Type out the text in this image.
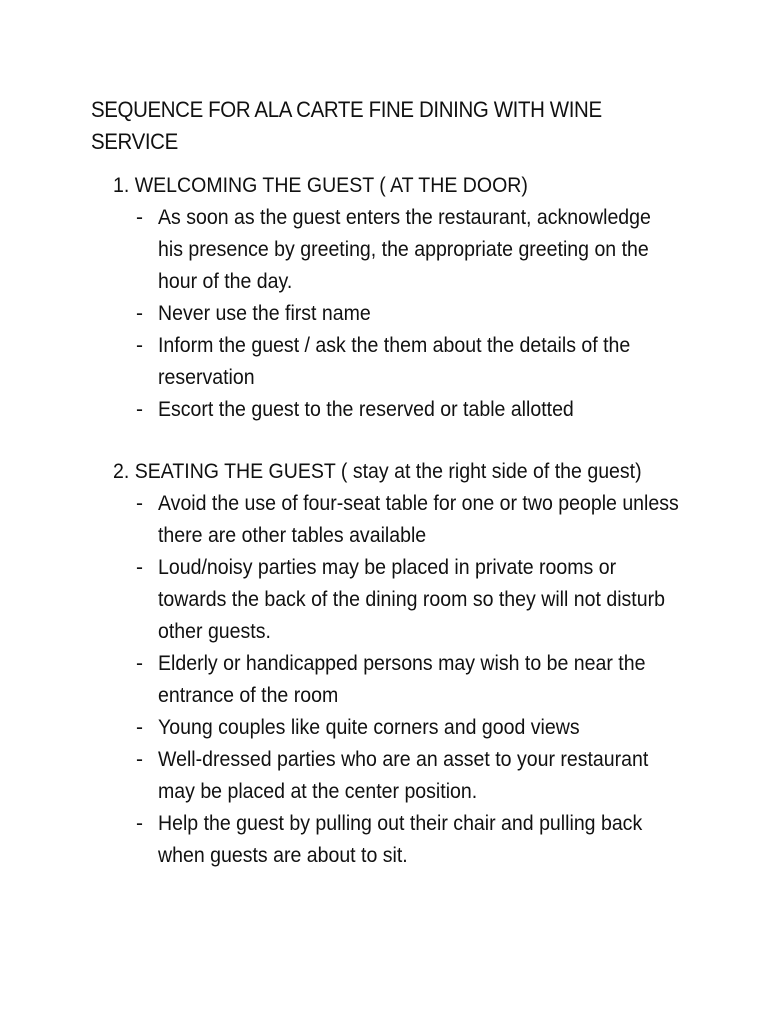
SEQUENCE FOR ALA CARTE FINE DINING WITH WINE SERVICE
1. WELCOMING THE GUEST ( AT THE DOOR)
- As soon as the guest enters the restaurant, acknowledge his presence by greeting, the appropriate greeting on the hour of the day.
- Never use the first name
- Inform the guest / ask the them about the details of the reservation
- Escort the guest to the reserved or table allotted
2. SEATING THE GUEST ( stay at the right side of the guest)
- Avoid the use of four-seat table for one or two people unless there are other tables available
- Loud/noisy parties may be placed in private rooms or towards the back of the dining room so they will not disturb other guests.
- Elderly or handicapped persons may wish to be near the entrance of the room
- Young couples like quite corners and good views
- Well-dressed parties who are an asset to your restaurant may be placed at the center position.
- Help the guest by pulling out their chair and pulling back when guests are about to sit.
